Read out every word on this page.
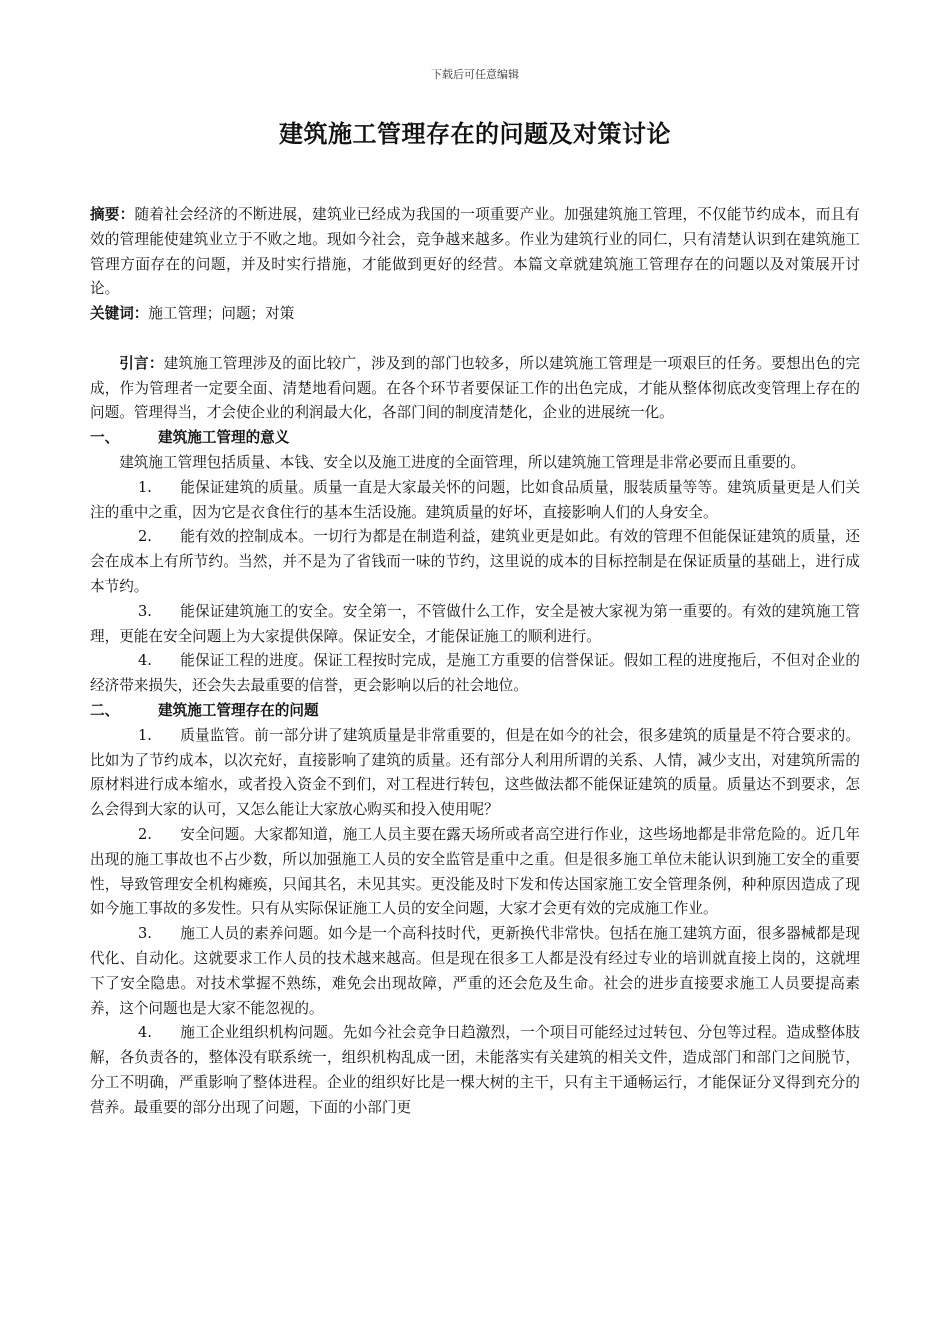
下载后可任意编辑
建筑施工管理存在的问题及对策讨论

摘要：随着社会经济的不断进展，建筑业已经成为我国的一项重要产业。加强建筑施工管理，不仅能节约成本，而且有效的管理能使建筑业立于不败之地。现如今社会，竞争越来越多。作业为建筑行业的同仁，只有清楚认识到在建筑施工管理方面存在的问题，并及时实行措施，才能做到更好的经营。本篇文章就建筑施工管理存在的问题以及对策展开讨论。

关键词：施工管理；问题；对策

引言：建筑施工管理涉及的面比较广，涉及到的部门也较多，所以建筑施工管理是一项艰巨的任务。要想出色的完成，作为管理者一定要全面、清楚地看问题。在各个环节者要保证工作的出色完成，才能从整体彻底改变管理上存在的问题。管理得当，才会使企业的利润最大化，各部门间的制度清楚化，企业的进展统一化。

一、	建筑施工管理的意义

建筑施工管理包括质量、本钱、安全以及施工进度的全面管理，所以建筑施工管理是非常必要而且重要的。

1. 能保证建筑的质量。质量一直是大家最关怀的问题，比如食品质量，服装质量等等。建筑质量更是人们关注的重中之重，因为它是衣食住行的基本生活设施。建筑质量的好坏，直接影响人们的人身安全。

2. 能有效的控制成本。一切行为都是在制造利益，建筑业更是如此。有效的管理不但能保证建筑的质量，还会在成本上有所节约。当然，并不是为了省钱而一味的节约，这里说的成本的目标控制是在保证质量的基础上，进行成本节约。

3. 能保证建筑施工的安全。安全第一，不管做什么工作，安全是被大家视为第一重要的。有效的建筑施工管理，更能在安全问题上为大家提供保障。保证安全，才能保证施工的顺利进行。

4. 能保证工程的进度。保证工程按时完成，是施工方重要的信誉保证。假如工程的进度拖后，不但对企业的经济带来损失，还会失去最重要的信誉，更会影响以后的社会地位。

二、	建筑施工管理存在的问题

1. 质量监管。前一部分讲了建筑质量是非常重要的，但是在如今的社会，很多建筑的质量是不符合要求的。比如为了节约成本，以次充好，直接影响了建筑的质量。还有部分人利用所谓的关系、人情，减少支出，对建筑所需的原材料进行成本缩水，或者投入资金不到们，对工程进行转包，这些做法都不能保证建筑的质量。质量达不到要求，怎么会得到大家的认可，又怎么能让大家放心购买和投入使用呢？

2. 安全问题。大家都知道，施工人员主要在露天场所或者高空进行作业，这些场地都是非常危险的。近几年出现的施工事故也不占少数，所以加强施工人员的安全监管是重中之重。但是很多施工单位未能认识到施工安全的重要性，导致管理安全机构瘫痪，只闻其名，未见其实。更没能及时下发和传达国家施工安全管理条例，种种原因造成了现如今施工事故的多发性。只有从实际保证施工人员的安全问题，大家才会更有效的完成施工作业。

3. 施工人员的素养问题。如今是一个高科技时代，更新换代非常快。包括在施工建筑方面，很多器械都是现代化、自动化。这就要求工作人员的技术越来越高。但是现在很多工人都是没有经过专业的培训就直接上岗的，这就埋下了安全隐患。对技术掌握不熟练，难免会出现故障，严重的还会危及生命。社会的进步直接要求施工人员要提高素养，这个问题也是大家不能忽视的。

4. 施工企业组织机构问题。先如今社会竞争日趋激烈，一个项目可能经过过转包、分包等过程。造成整体肢解，各负责各的，整体没有联系统一，组织机构乱成一团，未能落实有关建筑的相关文件，造成部门和部门之间脱节，分工不明确，严重影响了整体进程。企业的组织好比是一棵大树的主干，只有主干通畅运行，才能保证分叉得到充分的营养。最重要的部分出现了问题，下面的小部门更
